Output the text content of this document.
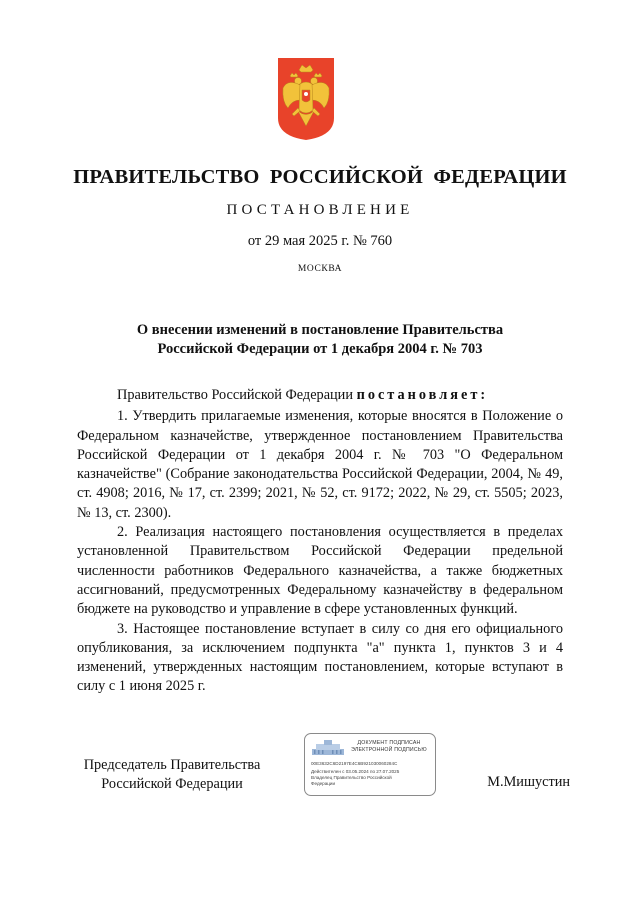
ПРАВИТЕЛЬСТВО РОССИЙСКОЙ ФЕДЕРАЦИИ
ПОСТАНОВЛЕНИЕ
от 29 мая 2025 г. № 760
МОСКВА
О внесении изменений в постановление Правительства
Российской Федерации от 1 декабря 2004 г. № 703

Правительство Российской Федерации постановляет:

1. Утвердить прилагаемые изменения, которые вносятся в Положение о Федеральном казначействе, утвержденное постановлением Правительства Российской Федерации от 1 декабря 2004 г. № 703 "О Федеральном казначействе" (Собрание законодательства Российской Федерации, 2004, № 49, ст. 4908; 2016, № 17, ст. 2399; 2021, № 52, ст. 9172; 2022, № 29, ст. 5505; 2023, № 13, ст. 2300).

2. Реализация настоящего постановления осуществляется в пределах установленной Правительством Российской Федерации предельной численности работников Федерального казначейства, а также бюджетных ассигнований, предусмотренных Федеральному казначейству в федеральном бюджете на руководство и управление в сфере установленных функций.

3. Настоящее постановление вступает в силу со дня его официального опубликования, за исключением подпункта "а" пункта 1, пунктов 3 и 4 изменений, утвержденных настоящим постановлением, которые вступают в силу с 1 июня 2025 г.

Председатель Правительства
Российской Федерации
ДОКУМЕНТ ПОДПИСАН
ЭЛЕКТРОННОЙ ПОДПИСЬЮ
00E3632C6D2197E4C6B921030060284C
Действителен с 03.05.2024 по 27.07.2025
Владелец Правительство Российской
Федерации	М.Мишустин
